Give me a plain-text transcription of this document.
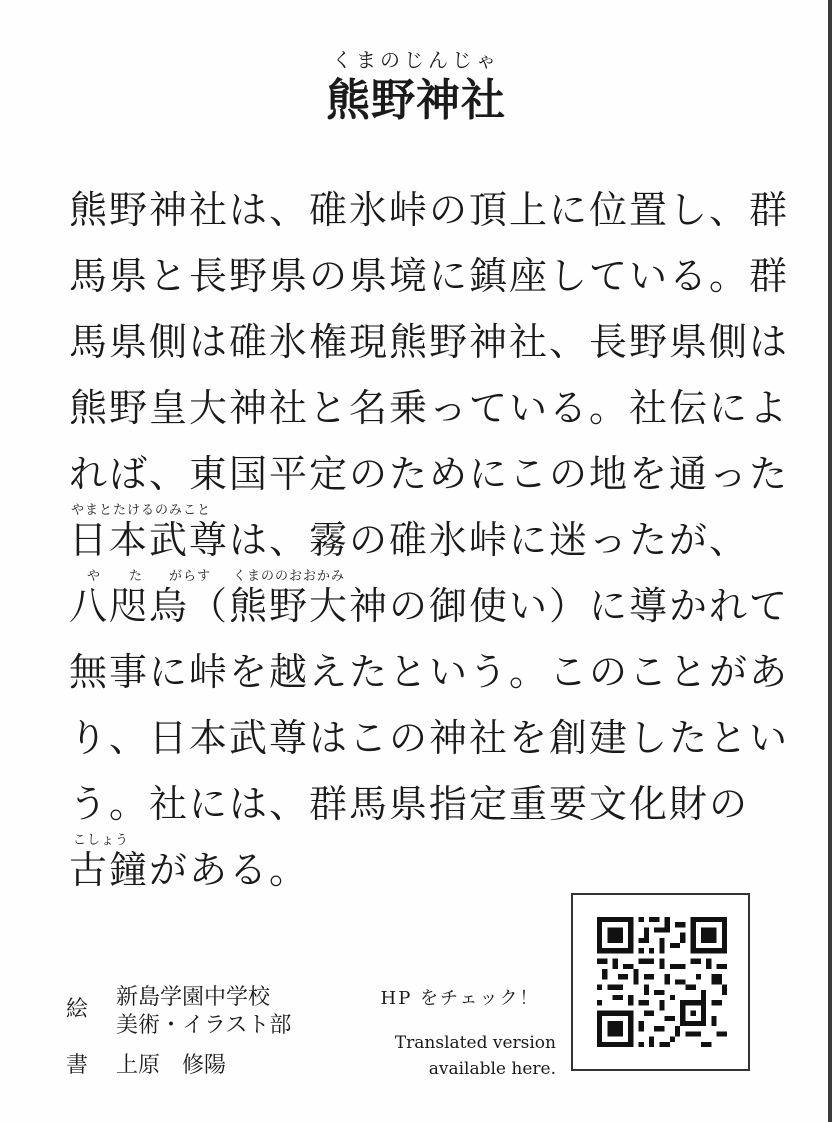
くまのじんじゃ
熊野神社
熊野神社は、碓氷峠の頂上に位置し、群
馬県と長野県の県境に鎮座している。群
馬県側は碓氷権現熊野神社、長野県側は
熊野皇大神社と名乗っている。社伝によ
れば、東国平定のためにこの地を通った
やまとたけるのみこと
日本武尊は、霧の碓氷峠に迷ったが、
や た がらす くまののおおかみ
八咫烏（熊野大神の御使い）に導かれて
無事に峠を越えたという。このことがあ
り、日本武尊はこの神社を創建したとい
う。社には、群馬県指定重要文化財の
こしょう
古鐘がある。
絵	新島学園中学校
美術・イラスト部
書	上原　修陽
HP をチェック！
Translated version
available here.
